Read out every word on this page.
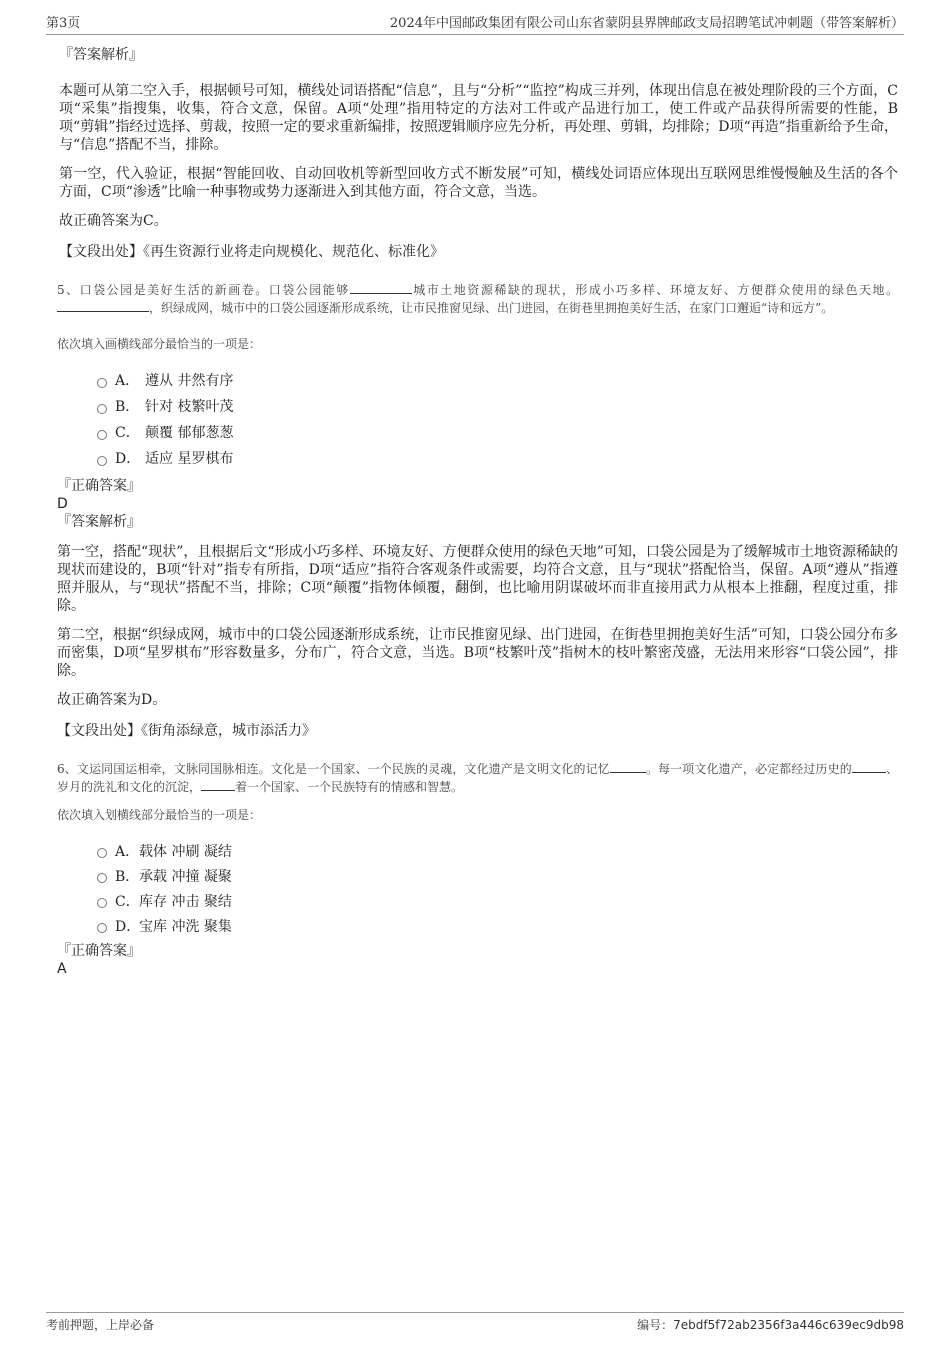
第3页	2024年中国邮政集团有限公司山东省蒙阴县界牌邮政支局招聘笔试冲刺题（带答案解析）

『答案解析』

本题可从第二空入手，根据顿号可知，横线处词语搭配“信息”，且与“分析”“监控”构成三并列，体现出信息在被处理阶段的三个方面，C项“采集”指搜集，收集，符合文意，保留。A项“处理”指用特定的方法对工件或产品进行加工，使工件或产品获得所需要的性能，B项“剪辑”指经过选择、剪裁，按照一定的要求重新编排，按照逻辑顺序应先分析，再处理、剪辑，均排除；D项“再造”指重新给予生命，与“信息”搭配不当，排除。

第一空，代入验证，根据“智能回收、自动回收机等新型回收方式不断发展”可知，横线处词语应体现出互联网思维慢慢触及生活的各个方面，C项“渗透”比喻一种事物或势力逐渐进入到其他方面，符合文意，当选。

故正确答案为C。

【文段出处】《再生资源行业将走向规模化、规范化、标准化》

5、口袋公园是美好生活的新画卷。口袋公园能够	城市土地资源稀缺的现状，形成小巧多样、环境友好、方便群众使用的绿色天地。，织绿成网，城市中的口袋公园逐渐形成系统，让市民推窗见绿、出门进园，在街巷里拥抱美好生活，在家门口邂逅“诗和远方”。

依次填入画横线部分最恰当的一项是：

A． 遵从 井然有序
B． 针对 枝繁叶茂
C． 颠覆 郁郁葱葱
D． 适应 星罗棋布

『正确答案』

D

『答案解析』

第一空，搭配“现状”，且根据后文“形成小巧多样、环境友好、方便群众使用的绿色天地”可知，口袋公园是为了缓解城市土地资源稀缺的现状而建设的，B项“针对”指专有所指，D项“适应”指符合客观条件或需要，均符合文意，且与“现状”搭配恰当，保留。A项“遵从”指遵照并服从，与“现状”搭配不当，排除；C项“颠覆”指物体倾覆，翻倒，也比喻用阴谋破坏而非直接用武力从根本上推翻，程度过重，排除。

第二空，根据“织绿成网，城市中的口袋公园逐渐形成系统，让市民推窗见绿、出门进园，在街巷里拥抱美好生活”可知，口袋公园分布多而密集，D项“星罗棋布”形容数量多，分布广，符合文意，当选。B项“枝繁叶茂”指树木的枝叶繁密茂盛，无法用来形容“口袋公园”，排除。

故正确答案为D。

【文段出处】《街角添绿意，城市添活力》

6、文运同国运相牵，文脉同国脉相连。文化是一个国家、一个民族的灵魂，文化遗产是文明文化的记忆	。每一项文化遗产，必定都经过历史的	、岁月的洗礼和文化的沉淀，	着一个国家、一个民族特有的情感和智慧。

依次填入划横线部分最恰当的一项是：

A． 载体 冲刷 凝结
B． 承载 冲撞 凝聚
C． 库存 冲击 聚结
D．
宝库 冲洗 聚集

『正确答案』

A

考前押题，上岸必备	编号：7ebdf5f72ab2356f3a446c639ec9db98
